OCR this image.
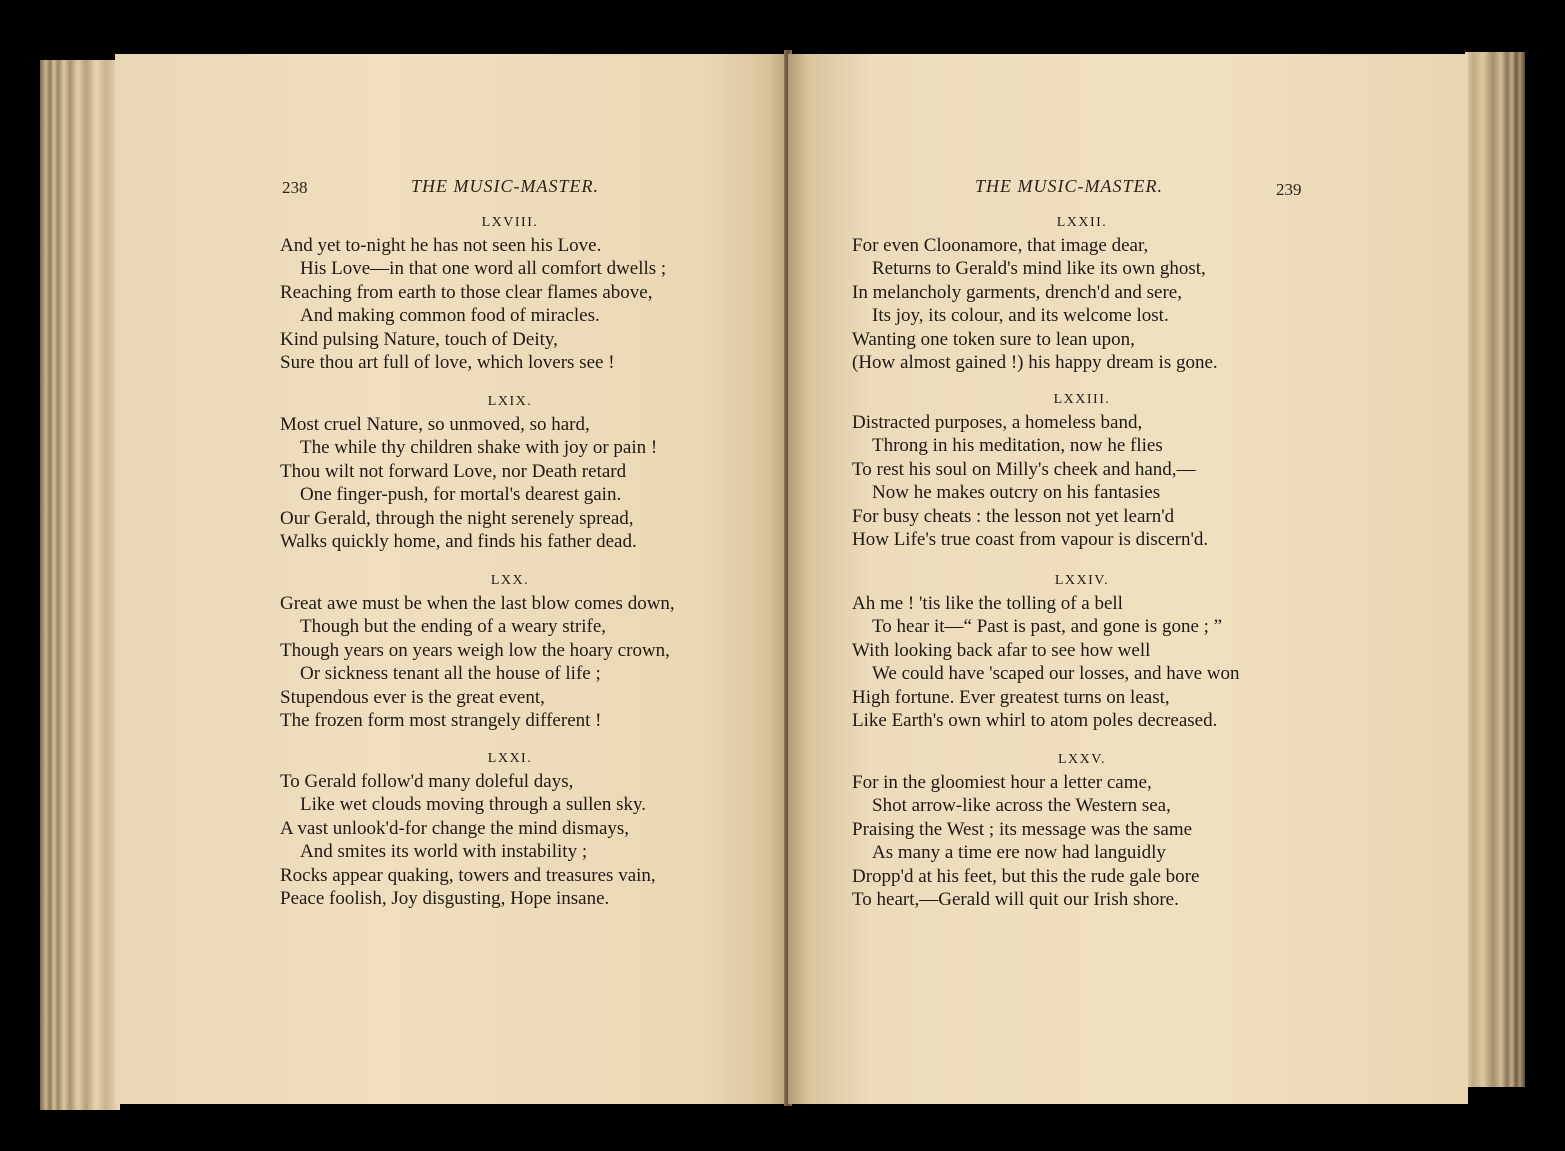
238	THE MUSIC-MASTER.
LXVIII.
And yet to-night he has not seen his Love.
His Love—in that one word all comfort dwells ;
Reaching from earth to those clear flames above,
And making common food of miracles.
Kind pulsing Nature, touch of Deity,
Sure thou art full of love, which lovers see !
LXIX.
Most cruel Nature, so unmoved, so hard,
The while thy children shake with joy or pain !
Thou wilt not forward Love, nor Death retard
One finger-push, for mortal's dearest gain.
Our Gerald, through the night serenely spread,
Walks quickly home, and finds his father dead.
LXX.
Great awe must be when the last blow comes down,
Though but the ending of a weary strife,
Though years on years weigh low the hoary crown,
Or sickness tenant all the house of life ;
Stupendous ever is the great event,
The frozen form most strangely different !
LXXI.
To Gerald follow'd many doleful days,
Like wet clouds moving through a sullen sky.
A vast unlook'd-for change the mind dismays,
And smites its world with instability ;
Rocks appear quaking, towers and treasures vain,
Peace foolish, Joy disgusting, Hope insane.
THE MUSIC-MASTER.	239
LXXII.
For even Cloonamore, that image dear,
Returns to Gerald's mind like its own ghost,
In melancholy garments, drench'd and sere,
Its joy, its colour, and its welcome lost.
Wanting one token sure to lean upon,
(How almost gained !) his happy dream is gone.
LXXIII.
Distracted purposes, a homeless band,
Throng in his meditation, now he flies
To rest his soul on Milly's cheek and hand,—
Now he makes outcry on his fantasies
For busy cheats : the lesson not yet learn'd
How Life's true coast from vapour is discern'd.
LXXIV.
Ah me ! 'tis like the tolling of a bell
To hear it—“ Past is past, and gone is gone ; ”
With looking back afar to see how well
We could have 'scaped our losses, and have won
High fortune. Ever greatest turns on least,
Like Earth's own whirl to atom poles decreased.
LXXV.
For in the gloomiest hour a letter came,
Shot arrow-like across the Western sea,
Praising the West ; its message was the same
As many a time ere now had languidly
Dropp'd at his feet, but this the rude gale bore
To heart,—Gerald will quit our Irish shore.
